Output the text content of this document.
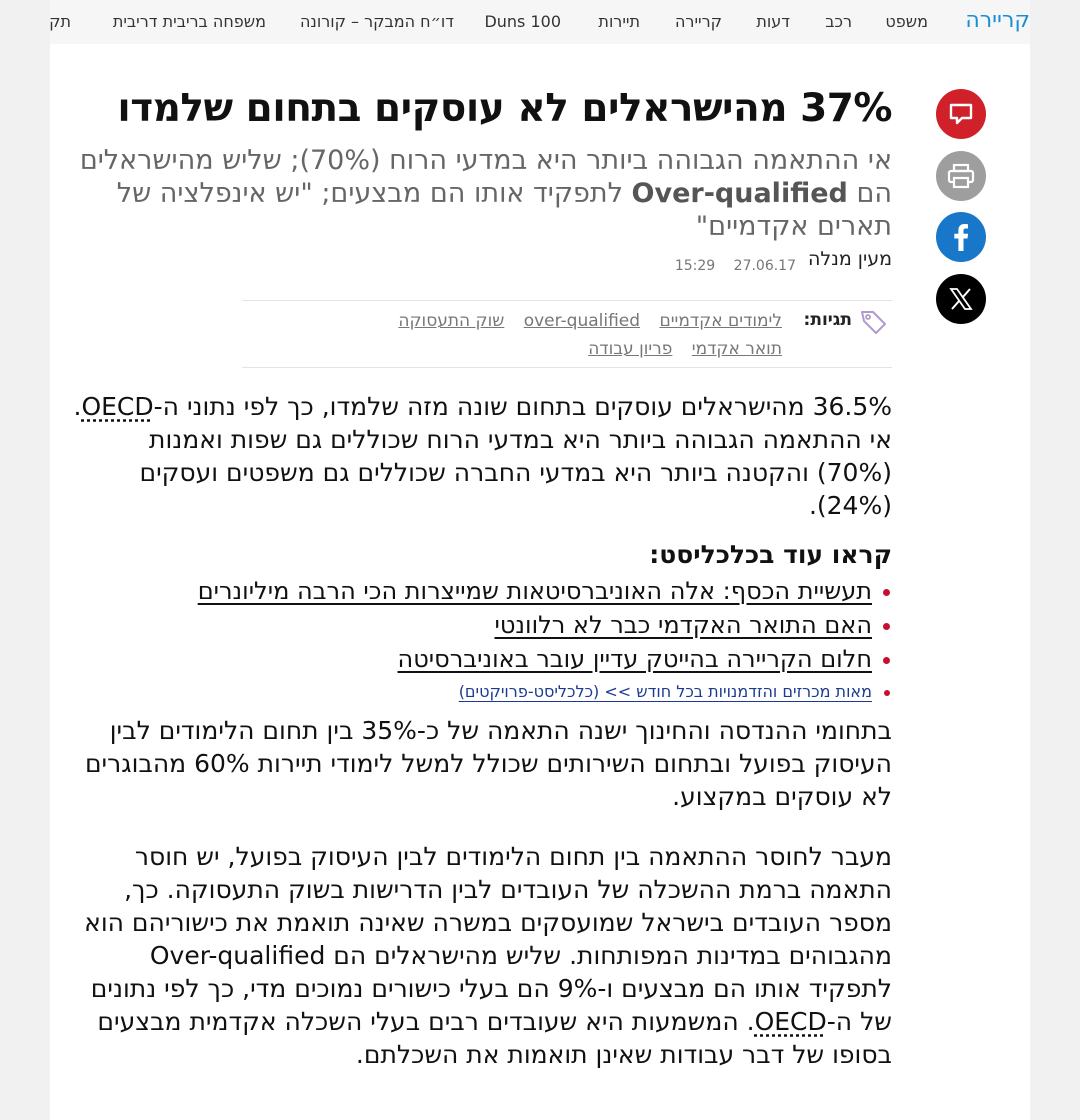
קריירה
משפט
רכב
דעות
קריירה
תיירות
Duns 100
דו״ח המבקר – קורונה
משפחה בריבית דריבית
תק
37% מהישראלים לא עוסקים בתחום שלמדו
אי ההתאמה הגבוהה ביותר היא במדעי הרוח (70%); שליש מהישראלים הם Over-qualified לתפקיד אותו הם מבצעים; "יש אינפלציה של תארים אקדמיים"
מעין מנלה
15:29 27.06.17
תגיות:
לימודים אקדמיים over-qualified שוק התעסוקה תואר אקדמי פריון עבודה

36.5% מהישראלים עוסקים בתחום שונה מזה שלמדו, כך לפי נתוני ה-OECD. אי ההתאמה הגבוהה ביותר היא במדעי הרוח שכוללים גם שפות ואמנות (70%) והקטנה ביותר היא במדעי החברה שכוללים גם משפטים ועסקים (24%).

קראו עוד בכלכליסט:
תעשיית הכסף: אלה האוניברסיטאות שמייצרות הכי הרבה מיליונרים
האם התואר האקדמי כבר לא רלוונטי
חלום הקריירה בהייטק עדיין עובר באוניברסיטה
מאות מכרזים והזדמנויות בכל חודש >> (כלכליסט-פרויקטים)

בתחומי ההנדסה והחינוך ישנה התאמה של כ-35% בין תחום הלימודים לבין העיסוק בפועל ובתחום השירותים שכולל למשל לימודי תיירות 60% מהבוגרים לא עוסקים במקצוע.

מעבר לחוסר ההתאמה בין תחום הלימודים לבין העיסוק בפועל, יש חוסר התאמה ברמת ההשכלה של העובדים לבין הדרישות בשוק התעסוקה. כך, מספר העובדים בישראל שמועסקים במשרה שאינה תואמת את כישוריהם הוא מהגבוהים במדינות המפותחות. שליש מהישראלים הם Over-qualified לתפקיד אותו הם מבצעים ו-9% הם בעלי כישורים נמוכים מדי, כך לפי נתונים של ה-OECD. המשמעות היא שעובדים רבים בעלי השכלה אקדמית מבצעים בסופו של דבר עבודות שאינן תואמות את השכלתם.
